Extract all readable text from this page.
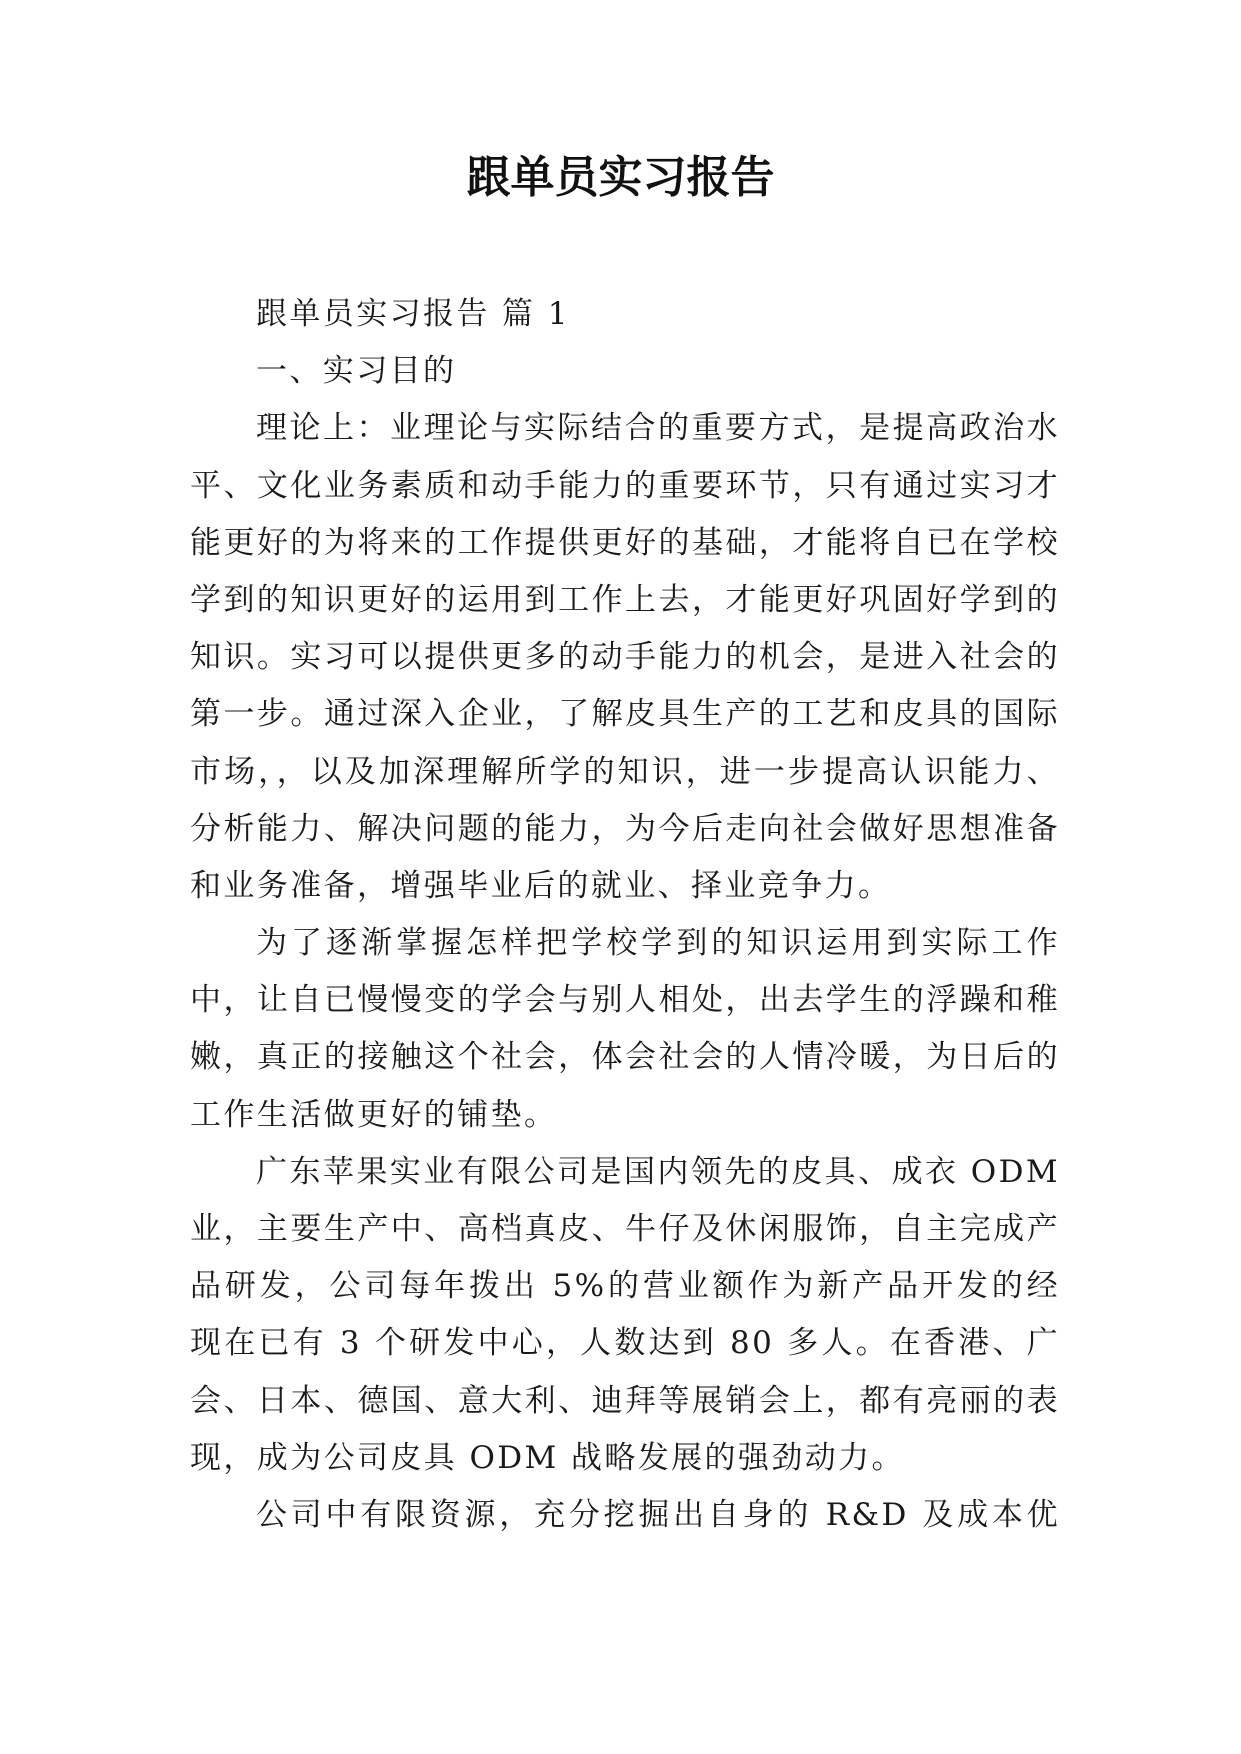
跟单员实习报告
跟单员实习报告 篇 1
一、实习目的
理论上：业理论与实际结合的重要方式，是提高政治水
平、文化业务素质和动手能力的重要环节，只有通过实习才
能更好的为将来的工作提供更好的基础，才能将自已在学校
学到的知识更好的运用到工作上去，才能更好巩固好学到的
知识。实习可以提供更多的动手能力的机会，是进入社会的
第一步。通过深入企业，了解皮具生产的工艺和皮具的国际
市场，，以及加深理解所学的知识，进一步提高认识能力、
分析能力、解决问题的能力，为今后走向社会做好思想准备
和业务准备，增强毕业后的就业、择业竞争力。
为了逐渐掌握怎样把学校学到的知识运用到实际工作
中，让自已慢慢变的学会与别人相处，出去学生的浮躁和稚
嫩，真正的接触这个社会，体会社会的人情冷暖，为日后的
工作生活做更好的铺垫。
广东苹果实业有限公司是国内领先的皮具、成衣 ODM
业，主要生产中、高档真皮、牛仔及休闲服饰，自主完成产
品研发，公司每年拨出 5%的营业额作为新产品开发的经
现在已有 3 个研发中心，人数达到 80 多人。在香港、广
会、日本、德国、意大利、迪拜等展销会上，都有亮丽的表
现，成为公司皮具 ODM 战略发展的强劲动力。
公司中有限资源，充分挖掘出自身的 R&D 及成本优
